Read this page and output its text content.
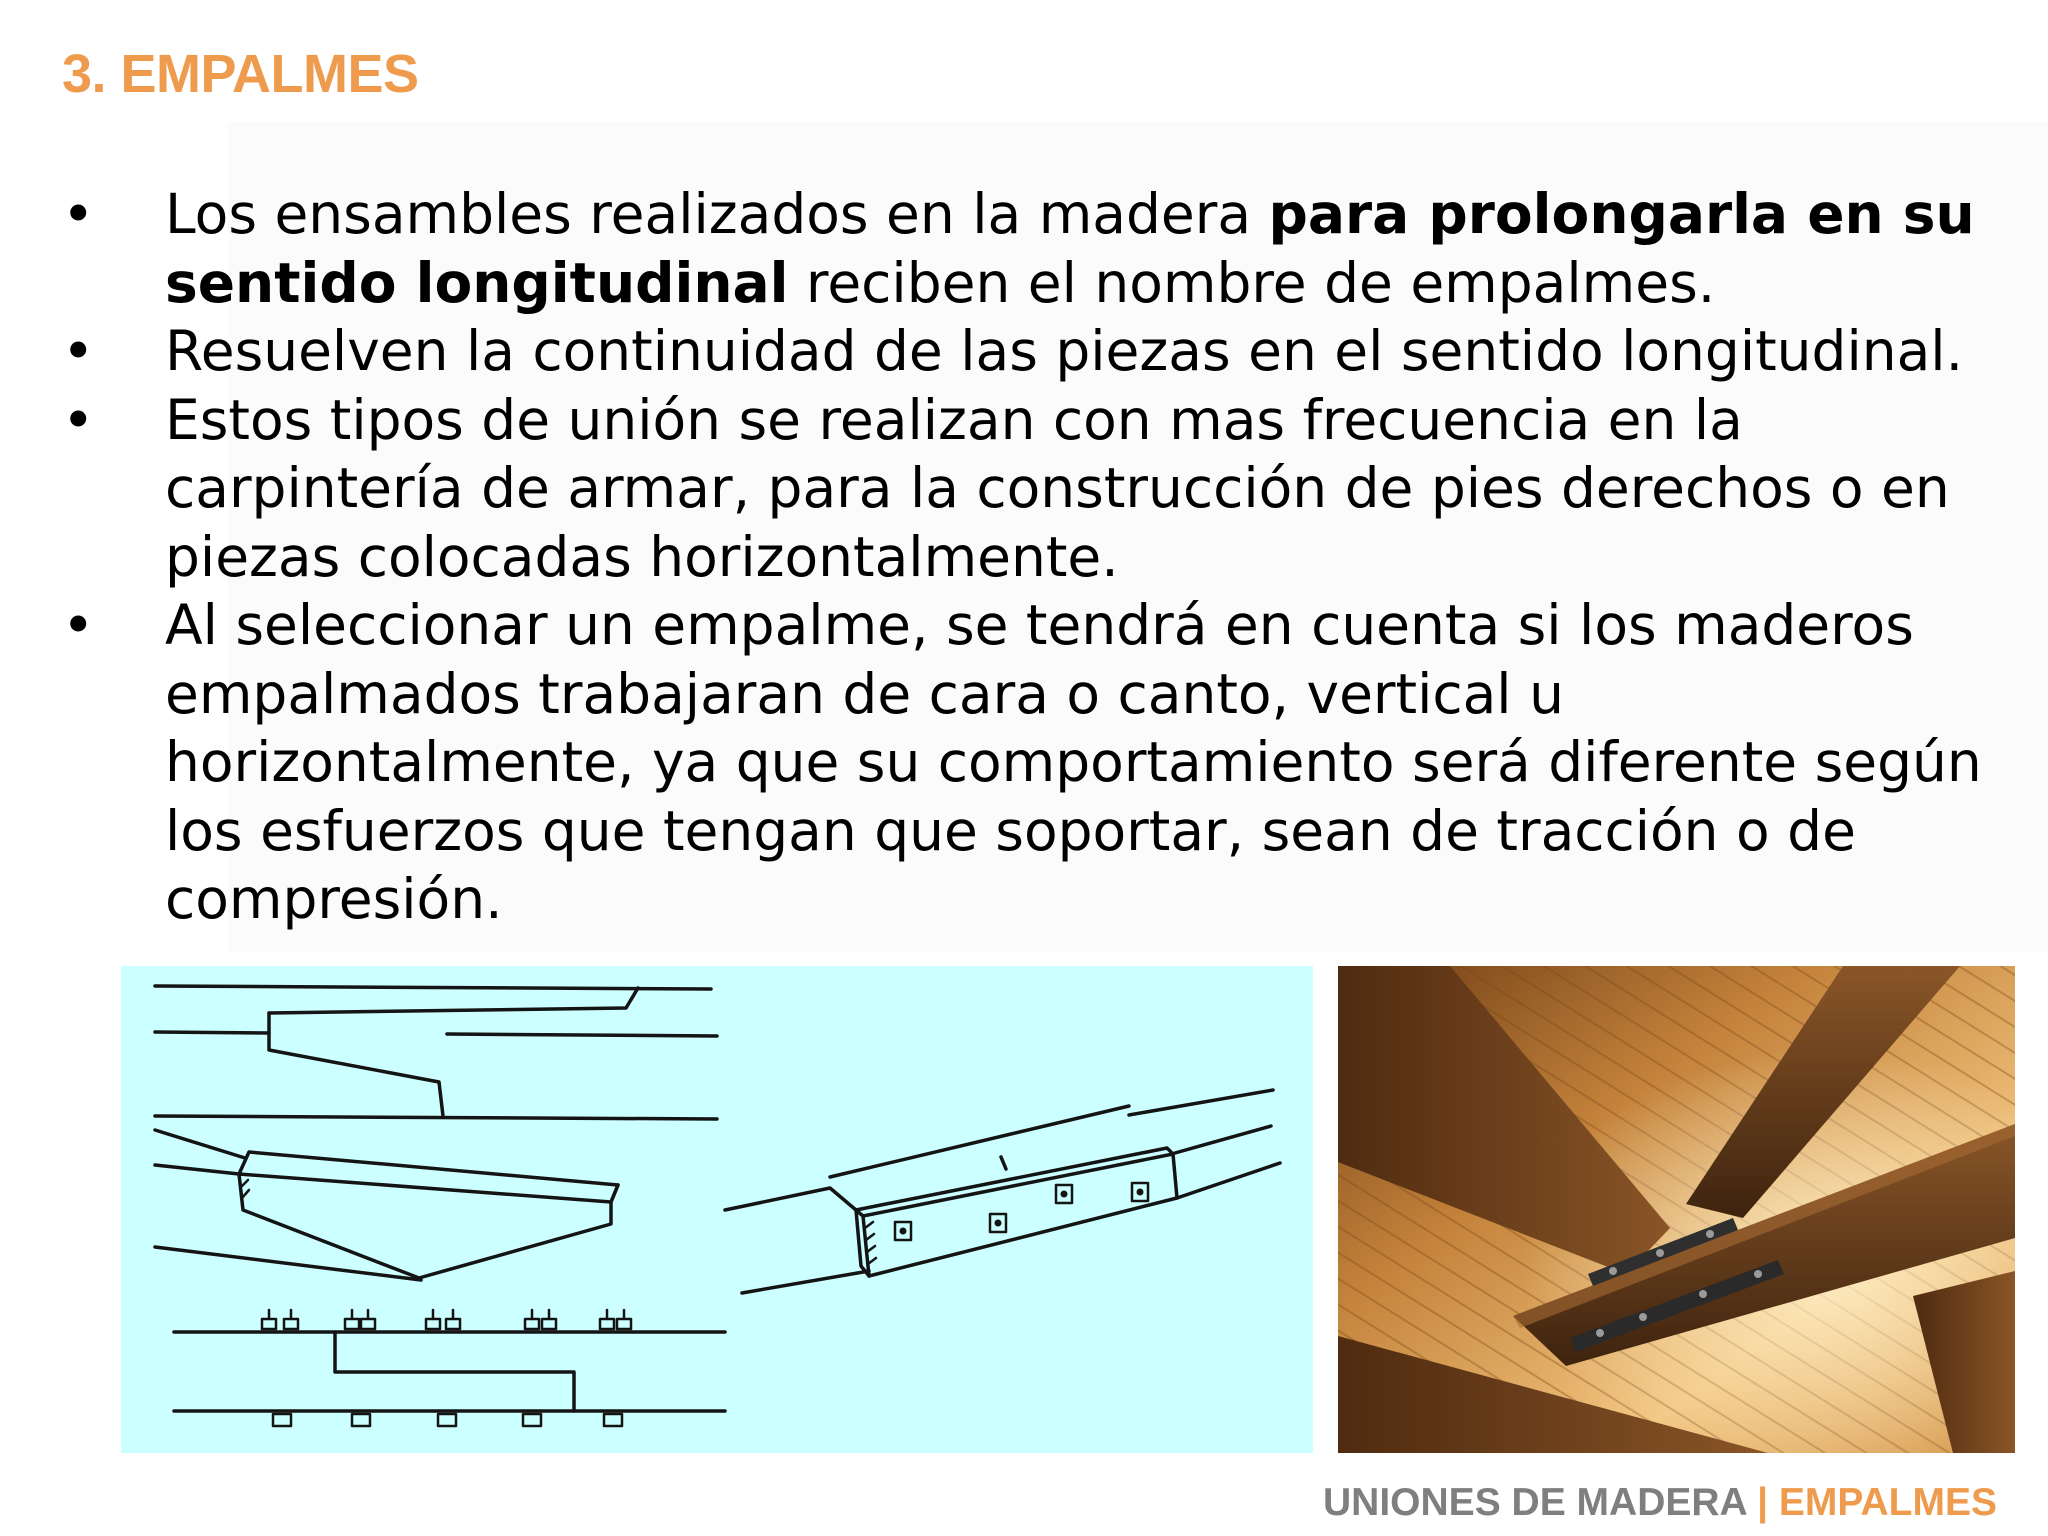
3. EMPALMES
•	Los ensambles realizados en la madera para prolongarla en su sentido longitudinal reciben el nombre de empalmes.
•	Resuelven la continuidad de las piezas en el sentido longitudinal.
•	Estos tipos de unión se realizan con mas frecuencia en la carpintería de armar, para la construcción de pies derechos o en piezas colocadas horizontalmente.
•	Al seleccionar un empalme, se tendrá en cuenta si los maderos empalmados trabajaran de cara o canto, vertical u horizontalmente, ya que su comportamiento será diferente según los esfuerzos que tengan que soportar, sean de tracción o de compresión.
UNIONES DE MADERA | EMPALMES
